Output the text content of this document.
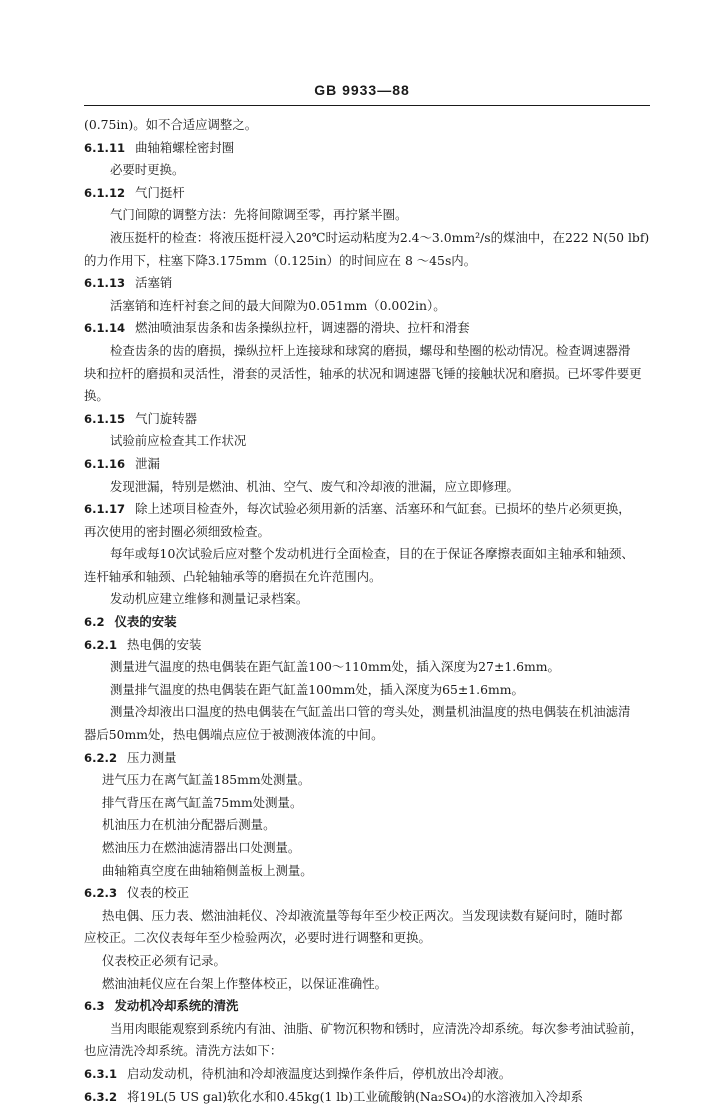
GB 9933—88
(0.75in)。如不合适应调整之。
6.1.11 曲轴箱螺栓密封圈
必要时更换。
6.1.12 气门挺杆
气门间隙的调整方法：先将间隙调至零，再拧紧半圈。
液压挺杆的检查：将液压挺杆浸入20℃时运动粘度为2.4～3.0mm²/s的煤油中，在222 N(50 lbf)
的力作用下，柱塞下降3.175mm（0.125in）的时间应在 8 ～45s内。
6.1.13 活塞销
活塞销和连杆衬套之间的最大间隙为0.051mm（0.002in）。
6.1.14 燃油喷油泵齿条和齿条操纵拉杆，调速器的滑块、拉杆和滑套
检查齿条的齿的磨损，操纵拉杆上连接球和球窝的磨损，螺母和垫圈的松动情况。检查调速器滑
块和拉杆的磨损和灵活性，滑套的灵活性，轴承的状况和调速器飞锤的接触状况和磨损。已坏零件要更
换。
6.1.15 气门旋转器
试验前应检查其工作状况
6.1.16 泄漏
发现泄漏，特别是燃油、机油、空气、废气和冷却液的泄漏，应立即修理。
6.1.17 除上述项目检查外，每次试验必须用新的活塞、活塞环和气缸套。已损坏的垫片必须更换，
再次使用的密封圈必须细致检查。
每年或每10次试验后应对整个发动机进行全面检查，目的在于保证各摩擦表面如主轴承和轴颈、
连杆轴承和轴颈、凸轮轴轴承等的磨损在允许范围内。
发动机应建立维修和测量记录档案。
6.2 仪表的安装
6.2.1 热电偶的安装
测量进气温度的热电偶装在距气缸盖100～110mm处，插入深度为27±1.6mm。
测量排气温度的热电偶装在距气缸盖100mm处，插入深度为65±1.6mm。
测量冷却液出口温度的热电偶装在气缸盖出口管的弯头处，测量机油温度的热电偶装在机油滤清
器后50mm处，热电偶端点应位于被测液体流的中间。
6.2.2 压力测量
进气压力在离气缸盖185mm处测量。
排气背压在离气缸盖75mm处测量。
机油压力在机油分配器后测量。
燃油压力在燃油滤清器出口处测量。
曲轴箱真空度在曲轴箱侧盖板上测量。
6.2.3 仪表的校正
热电偶、压力表、燃油油耗仪、冷却液流量等每年至少校正两次。当发现读数有疑问时，随时都
应校正。二次仪表每年至少检验两次，必要时进行调整和更换。
仪表校正必须有记录。
燃油油耗仪应在台架上作整体校正，以保证准确性。
6.3 发动机冷却系统的清洗
当用肉眼能观察到系统内有油、油脂、矿物沉积物和锈时，应清洗冷却系统。每次参考油试验前，
也应清洗冷却系统。清洗方法如下：
6.3.1 启动发动机，待机油和冷却液温度达到操作条件后，停机放出冷却液。
6.3.2 将19L(5 US gal)软化水和0.45kg(1 lb)工业硫酸钠(Na₂SO₄)的水溶液加入冷却系
